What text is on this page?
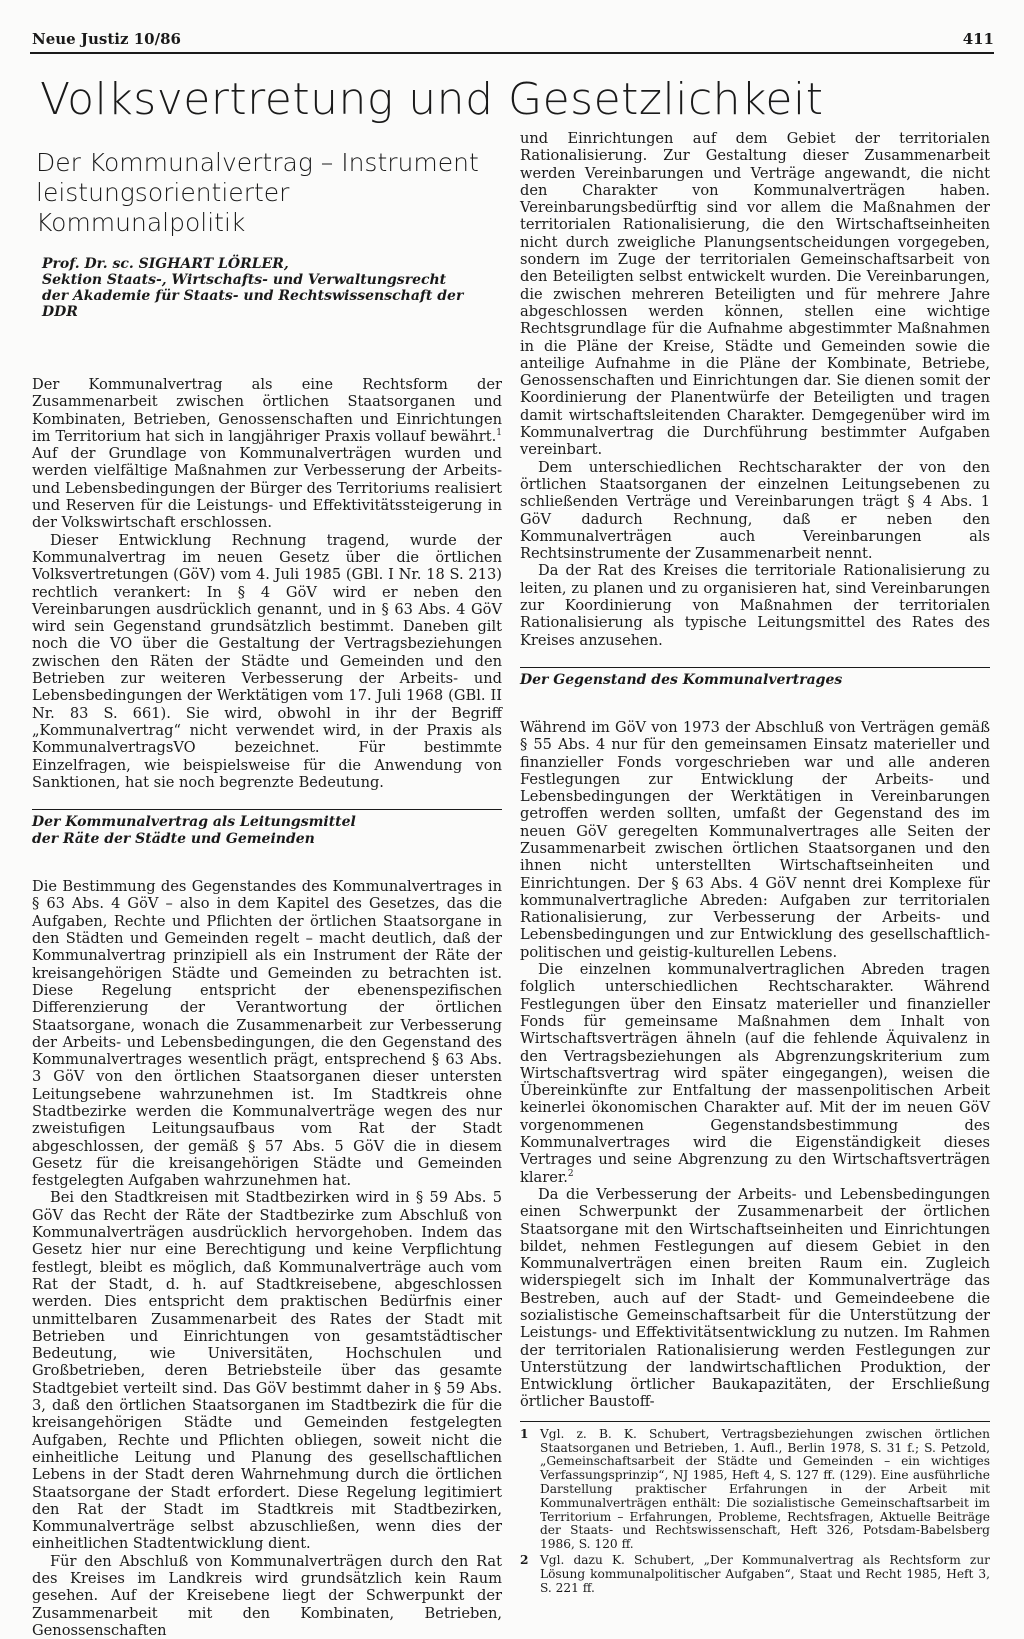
Neue Justiz 10/86	411
Volksvertretung und Gesetzlichkeit
Der Kommunalvertrag – Instrument
leistungsorientierter Kommunalpolitik
Prof. Dr. sc. SIGHART LÖRLER,
Sektion Staats-, Wirtschafts- und Verwaltungsrecht
der Akademie für Staats- und Rechtswissenschaft der DDR

Der Kommunalvertrag als eine Rechtsform der Zusammenarbeit zwischen örtlichen Staatsorganen und Kombinaten, Betrieben, Genossenschaften und Einrichtungen im Territorium hat sich in langjähriger Praxis vollauf bewährt.$^1$ Auf der Grundlage von Kommunalverträgen wurden und werden vielfältige Maßnahmen zur Verbesserung der Arbeits- und Lebensbedingungen der Bürger des Territoriums realisiert und Reserven für die Leistungs- und Effektivitätssteigerung in der Volkswirtschaft erschlossen.

Dieser Entwicklung Rechnung tragend, wurde der Kommunalvertrag im neuen Gesetz über die örtlichen Volksvertretungen (GöV) vom 4. Juli 1985 (GBl. I Nr. 18 S. 213) rechtlich verankert: In § 4 GöV wird er neben den Vereinbarungen ausdrücklich genannt, und in § 63 Abs. 4 GöV wird sein Gegenstand grundsätzlich bestimmt. Daneben gilt noch die VO über die Gestaltung der Vertragsbeziehungen zwischen den Räten der Städte und Gemeinden und den Betrieben zur weiteren Verbesserung der Arbeits- und Lebensbedingungen der Werktätigen vom 17. Juli 1968 (GBl. II Nr. 83 S. 661). Sie wird, obwohl in ihr der Begriff „Kommunalvertrag“ nicht verwendet wird, in der Praxis als KommunalvertragsVO bezeichnet. Für bestimmte Einzelfragen, wie beispielsweise für die Anwendung von Sanktionen, hat sie noch begrenzte Bedeutung.

Der Kommunalvertrag als Leitungsmittel
der Räte der Städte und Gemeinden

Die Bestimmung des Gegenstandes des Kommunalvertrages in § 63 Abs. 4 GöV – also in dem Kapitel des Gesetzes, das die Aufgaben, Rechte und Pflichten der örtlichen Staatsorgane in den Städten und Gemeinden regelt – macht deutlich, daß der Kommunalvertrag prinzipiell als ein Instrument der Räte der kreisangehörigen Städte und Gemeinden zu betrachten ist. Diese Regelung entspricht der ebenenspezifischen Differenzierung der Verantwortung der örtlichen Staatsorgane, wonach die Zusammenarbeit zur Verbesserung der Arbeits- und Lebensbedingungen, die den Gegenstand des Kommunalvertrages wesentlich prägt, entsprechend § 63 Abs. 3 GöV von den örtlichen Staatsorganen dieser untersten Leitungsebene wahrzunehmen ist. Im Stadtkreis ohne Stadtbezirke werden die Kommunalverträge wegen des nur zweistufigen Leitungsaufbaus vom Rat der Stadt abgeschlossen, der gemäß § 57 Abs. 5 GöV die in diesem Gesetz für die kreisangehörigen Städte und Gemeinden festgelegten Aufgaben wahrzunehmen hat.

Bei den Stadtkreisen mit Stadtbezirken wird in § 59 Abs. 5 GöV das Recht der Räte der Stadtbezirke zum Abschluß von Kommunalverträgen ausdrücklich hervorgehoben. Indem das Gesetz hier nur eine Berechtigung und keine Verpflichtung festlegt, bleibt es möglich, daß Kommunalverträge auch vom Rat der Stadt, d. h. auf Stadtkreisebene, abgeschlossen werden. Dies entspricht dem praktischen Bedürfnis einer unmittelbaren Zusammenarbeit des Rates der Stadt mit Betrieben und Einrichtungen von gesamtstädtischer Bedeutung, wie Universitäten, Hochschulen und Großbetrieben, deren Betriebsteile über das gesamte Stadtgebiet verteilt sind. Das GöV bestimmt daher in § 59 Abs. 3, daß den örtlichen Staatsorganen im Stadtbezirk die für die kreisangehörigen Städte und Gemeinden festgelegten Aufgaben, Rechte und Pflichten obliegen, soweit nicht die einheitliche Leitung und Planung des gesellschaftlichen Lebens in der Stadt deren Wahrnehmung durch die örtlichen Staatsorgane der Stadt erfordert. Diese Regelung legitimiert den Rat der Stadt im Stadtkreis mit Stadtbezirken, Kommunalverträge selbst abzuschließen, wenn dies der einheitlichen Stadtentwicklung dient.

Für den Abschluß von Kommunalverträgen durch den Rat des Kreises im Landkreis wird grundsätzlich kein Raum gesehen. Auf der Kreisebene liegt der Schwerpunkt der Zusammenarbeit mit den Kombinaten, Betrieben, Genossenschaften

und Einrichtungen auf dem Gebiet der territorialen Rationalisierung. Zur Gestaltung dieser Zusammenarbeit werden Vereinbarungen und Verträge angewandt, die nicht den Charakter von Kommunalverträgen haben. Vereinbarungsbedürftig sind vor allem die Maßnahmen der territorialen Rationalisierung, die den Wirtschaftseinheiten nicht durch zweigliche Planungsentscheidungen vorgegeben, sondern im Zuge der territorialen Gemeinschaftsarbeit von den Beteiligten selbst entwickelt wurden. Die Vereinbarungen, die zwischen mehreren Beteiligten und für mehrere Jahre abgeschlossen werden können, stellen eine wichtige Rechtsgrundlage für die Aufnahme abgestimmter Maßnahmen in die Pläne der Kreise, Städte und Gemeinden sowie die anteilige Aufnahme in die Pläne der Kombinate, Betriebe, Genossenschaften und Einrichtungen dar. Sie dienen somit der Koordinierung der Planentwürfe der Beteiligten und tragen damit wirtschaftsleitenden Charakter. Demgegenüber wird im Kommunalvertrag die Durchführung bestimmter Aufgaben vereinbart.

Dem unterschiedlichen Rechtscharakter der von den örtlichen Staatsorganen der einzelnen Leitungsebenen zu schließenden Verträge und Vereinbarungen trägt § 4 Abs. 1 GöV dadurch Rechnung, daß er neben den Kommunalverträgen auch Vereinbarungen als Rechtsinstrumente der Zusammenarbeit nennt.

Da der Rat des Kreises die territoriale Rationalisierung zu leiten, zu planen und zu organisieren hat, sind Vereinbarungen zur Koordinierung von Maßnahmen der territorialen Rationalisierung als typische Leitungsmittel des Rates des Kreises anzusehen.

Der Gegenstand des Kommunalvertrages

Während im GöV von 1973 der Abschluß von Verträgen gemäß § 55 Abs. 4 nur für den gemeinsamen Einsatz materieller und finanzieller Fonds vorgeschrieben war und alle anderen Festlegungen zur Entwicklung der Arbeits- und Lebensbedingungen der Werktätigen in Vereinbarungen getroffen werden sollten, umfaßt der Gegenstand des im neuen GöV geregelten Kommunalvertrages alle Seiten der Zusammenarbeit zwischen örtlichen Staatsorganen und den ihnen nicht unterstellten Wirtschaftseinheiten und Einrichtungen. Der § 63 Abs. 4 GöV nennt drei Komplexe für kommunalvertragliche Abreden: Aufgaben zur territorialen Rationalisierung, zur Verbesserung der Arbeits- und Lebensbedingungen und zur Entwicklung des gesellschaftlich-politischen und geistig-kulturellen Lebens.

Die einzelnen kommunalvertraglichen Abreden tragen folglich unterschiedlichen Rechtscharakter. Während Festlegungen über den Einsatz materieller und finanzieller Fonds für gemeinsame Maßnahmen dem Inhalt von Wirtschaftsverträgen ähneln (auf die fehlende Äquivalenz in den Vertragsbeziehungen als Abgrenzungskriterium zum Wirtschaftsvertrag wird später eingegangen), weisen die Übereinkünfte zur Entfaltung der massenpolitischen Arbeit keinerlei ökonomischen Charakter auf. Mit der im neuen GöV vorgenommenen Gegenstandsbestimmung des Kommunalvertrages wird die Eigenständigkeit dieses Vertrages und seine Abgrenzung zu den Wirtschaftsverträgen klarer.$^2$

Da die Verbesserung der Arbeits- und Lebensbedingungen einen Schwerpunkt der Zusammenarbeit der örtlichen Staatsorgane mit den Wirtschaftseinheiten und Einrichtungen bildet, nehmen Festlegungen auf diesem Gebiet in den Kommunalverträgen einen breiten Raum ein. Zugleich widerspiegelt sich im Inhalt der Kommunalverträge das Bestreben, auch auf der Stadt- und Gemeindeebene die sozialistische Gemeinschaftsarbeit für die Unterstützung der Leistungs- und Effektivitätsentwicklung zu nutzen. Im Rahmen der territorialen Rationalisierung werden Festlegungen zur Unterstützung der landwirtschaftlichen Produktion, der Entwicklung örtlicher Baukapazitäten, der Erschließung örtlicher Baustoff-

1 Vgl. z. B. K. Schubert, Vertragsbeziehungen zwischen örtlichen Staatsorganen und Betrieben, 1. Aufl., Berlin 1978, S. 31 f.; S. Petzold, „Gemeinschaftsarbeit der Städte und Gemeinden – ein wichtiges Verfassungsprinzip“, NJ 1985, Heft 4, S. 127 ff. (129). Eine ausführliche Darstellung praktischer Erfahrungen in der Arbeit mit Kommunalverträgen enthält: Die sozialistische Gemeinschaftsarbeit im Territorium – Erfahrungen, Probleme, Rechtsfragen, Aktuelle Beiträge der Staats- und Rechtswissenschaft, Heft 326, Potsdam-Babelsberg 1986, S. 120 ff.
2 Vgl. dazu K. Schubert, „Der Kommunalvertrag als Rechtsform zur Lösung kommunalpolitischer Aufgaben“, Staat und Recht 1985, Heft 3, S. 221 ff.
